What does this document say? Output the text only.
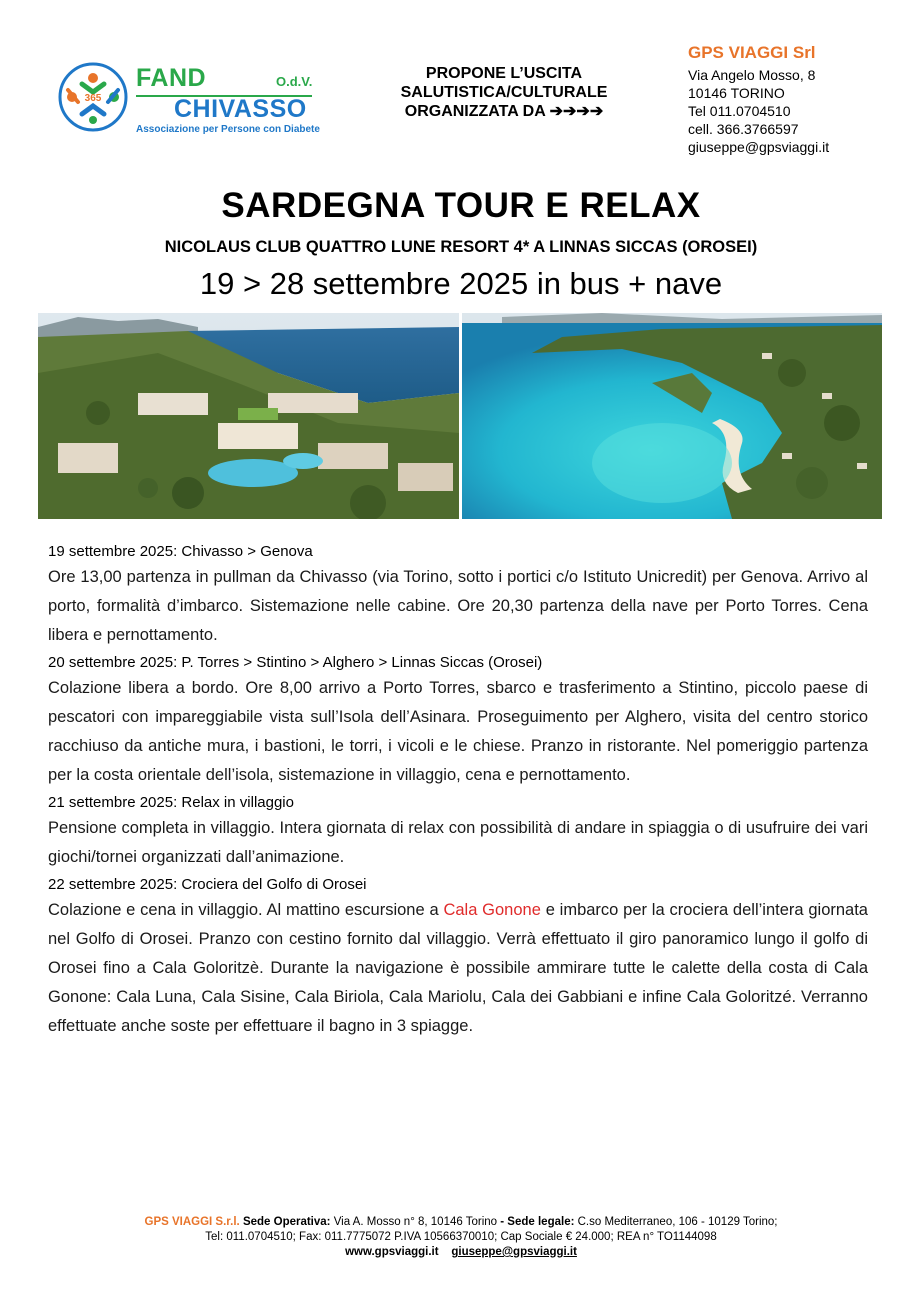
365
FAND	O.d.V.
CHIVASSO
Associazione per Persone con Diabete
PROPONE L’USCITA
SALUTISTICA/CULTURALE
ORGANIZZATA DA ➔➔➔➔
GPS VIAGGI Srl
Via Angelo Mosso, 8
10146 TORINO
Tel 011.0704510
cell. 366.3766597
giuseppe@gpsviaggi.it
SARDEGNA TOUR E RELAX
NICOLAUS CLUB QUATTRO LUNE RESORT 4* A LINNAS SICCAS (OROSEI)
19 > 28 settembre 2025 in bus + nave
19 settembre 2025: Chivasso > Genova
Ore 13,00 partenza in pullman da Chivasso (via Torino, sotto i portici c/o Istituto Unicredit) per Genova. Arrivo al porto, formalità d’imbarco. Sistemazione nelle cabine. Ore 20,30 partenza della nave per Porto Torres. Cena libera e pernottamento.
20 settembre 2025: P. Torres > Stintino > Alghero > Linnas Siccas (Orosei)
Colazione libera a bordo. Ore 8,00 arrivo a Porto Torres, sbarco e trasferimento a Stintino, piccolo paese di pescatori con impareggiabile vista sull’Isola dell’Asinara. Proseguimento per Alghero, visita del centro storico racchiuso da antiche mura, i bastioni, le torri, i vicoli e le chiese. Pranzo in ristorante. Nel pomeriggio partenza per la costa orientale dell’isola, sistemazione in villaggio, cena e pernottamento.
21 settembre 2025: Relax in villaggio
Pensione completa in villaggio. Intera giornata di relax con possibilità di andare in spiaggia o di usufruire dei vari giochi/tornei organizzati dall’animazione.
22 settembre 2025: Crociera del Golfo di Orosei
Colazione e cena in villaggio. Al mattino escursione a Cala Gonone e imbarco per la crociera dell’intera giornata nel Golfo di Orosei. Pranzo con cestino fornito dal villaggio. Verrà effettuato il giro panoramico lungo il golfo di Orosei fino a Cala Goloritzè. Durante la navigazione è possibile ammirare tutte le calette della costa di Cala Gonone: Cala Luna, Cala Sisine, Cala Biriola, Cala Mariolu, Cala dei Gabbiani e infine Cala Goloritzé. Verranno effettuate anche soste per effettuare il bagno in 3 spiagge.
GPS VIAGGI S.r.l. Sede Operativa: Via A. Mosso n° 8, 10146 Torino - Sede legale: C.so Mediterraneo, 106 - 10129 Torino;
Tel: 011.0704510; Fax: 011.7775072 P.IVA 10566370010; Cap Sociale € 24.000; REA n° TO1144098
www.gpsviaggi.it giuseppe@gpsviaggi.it
